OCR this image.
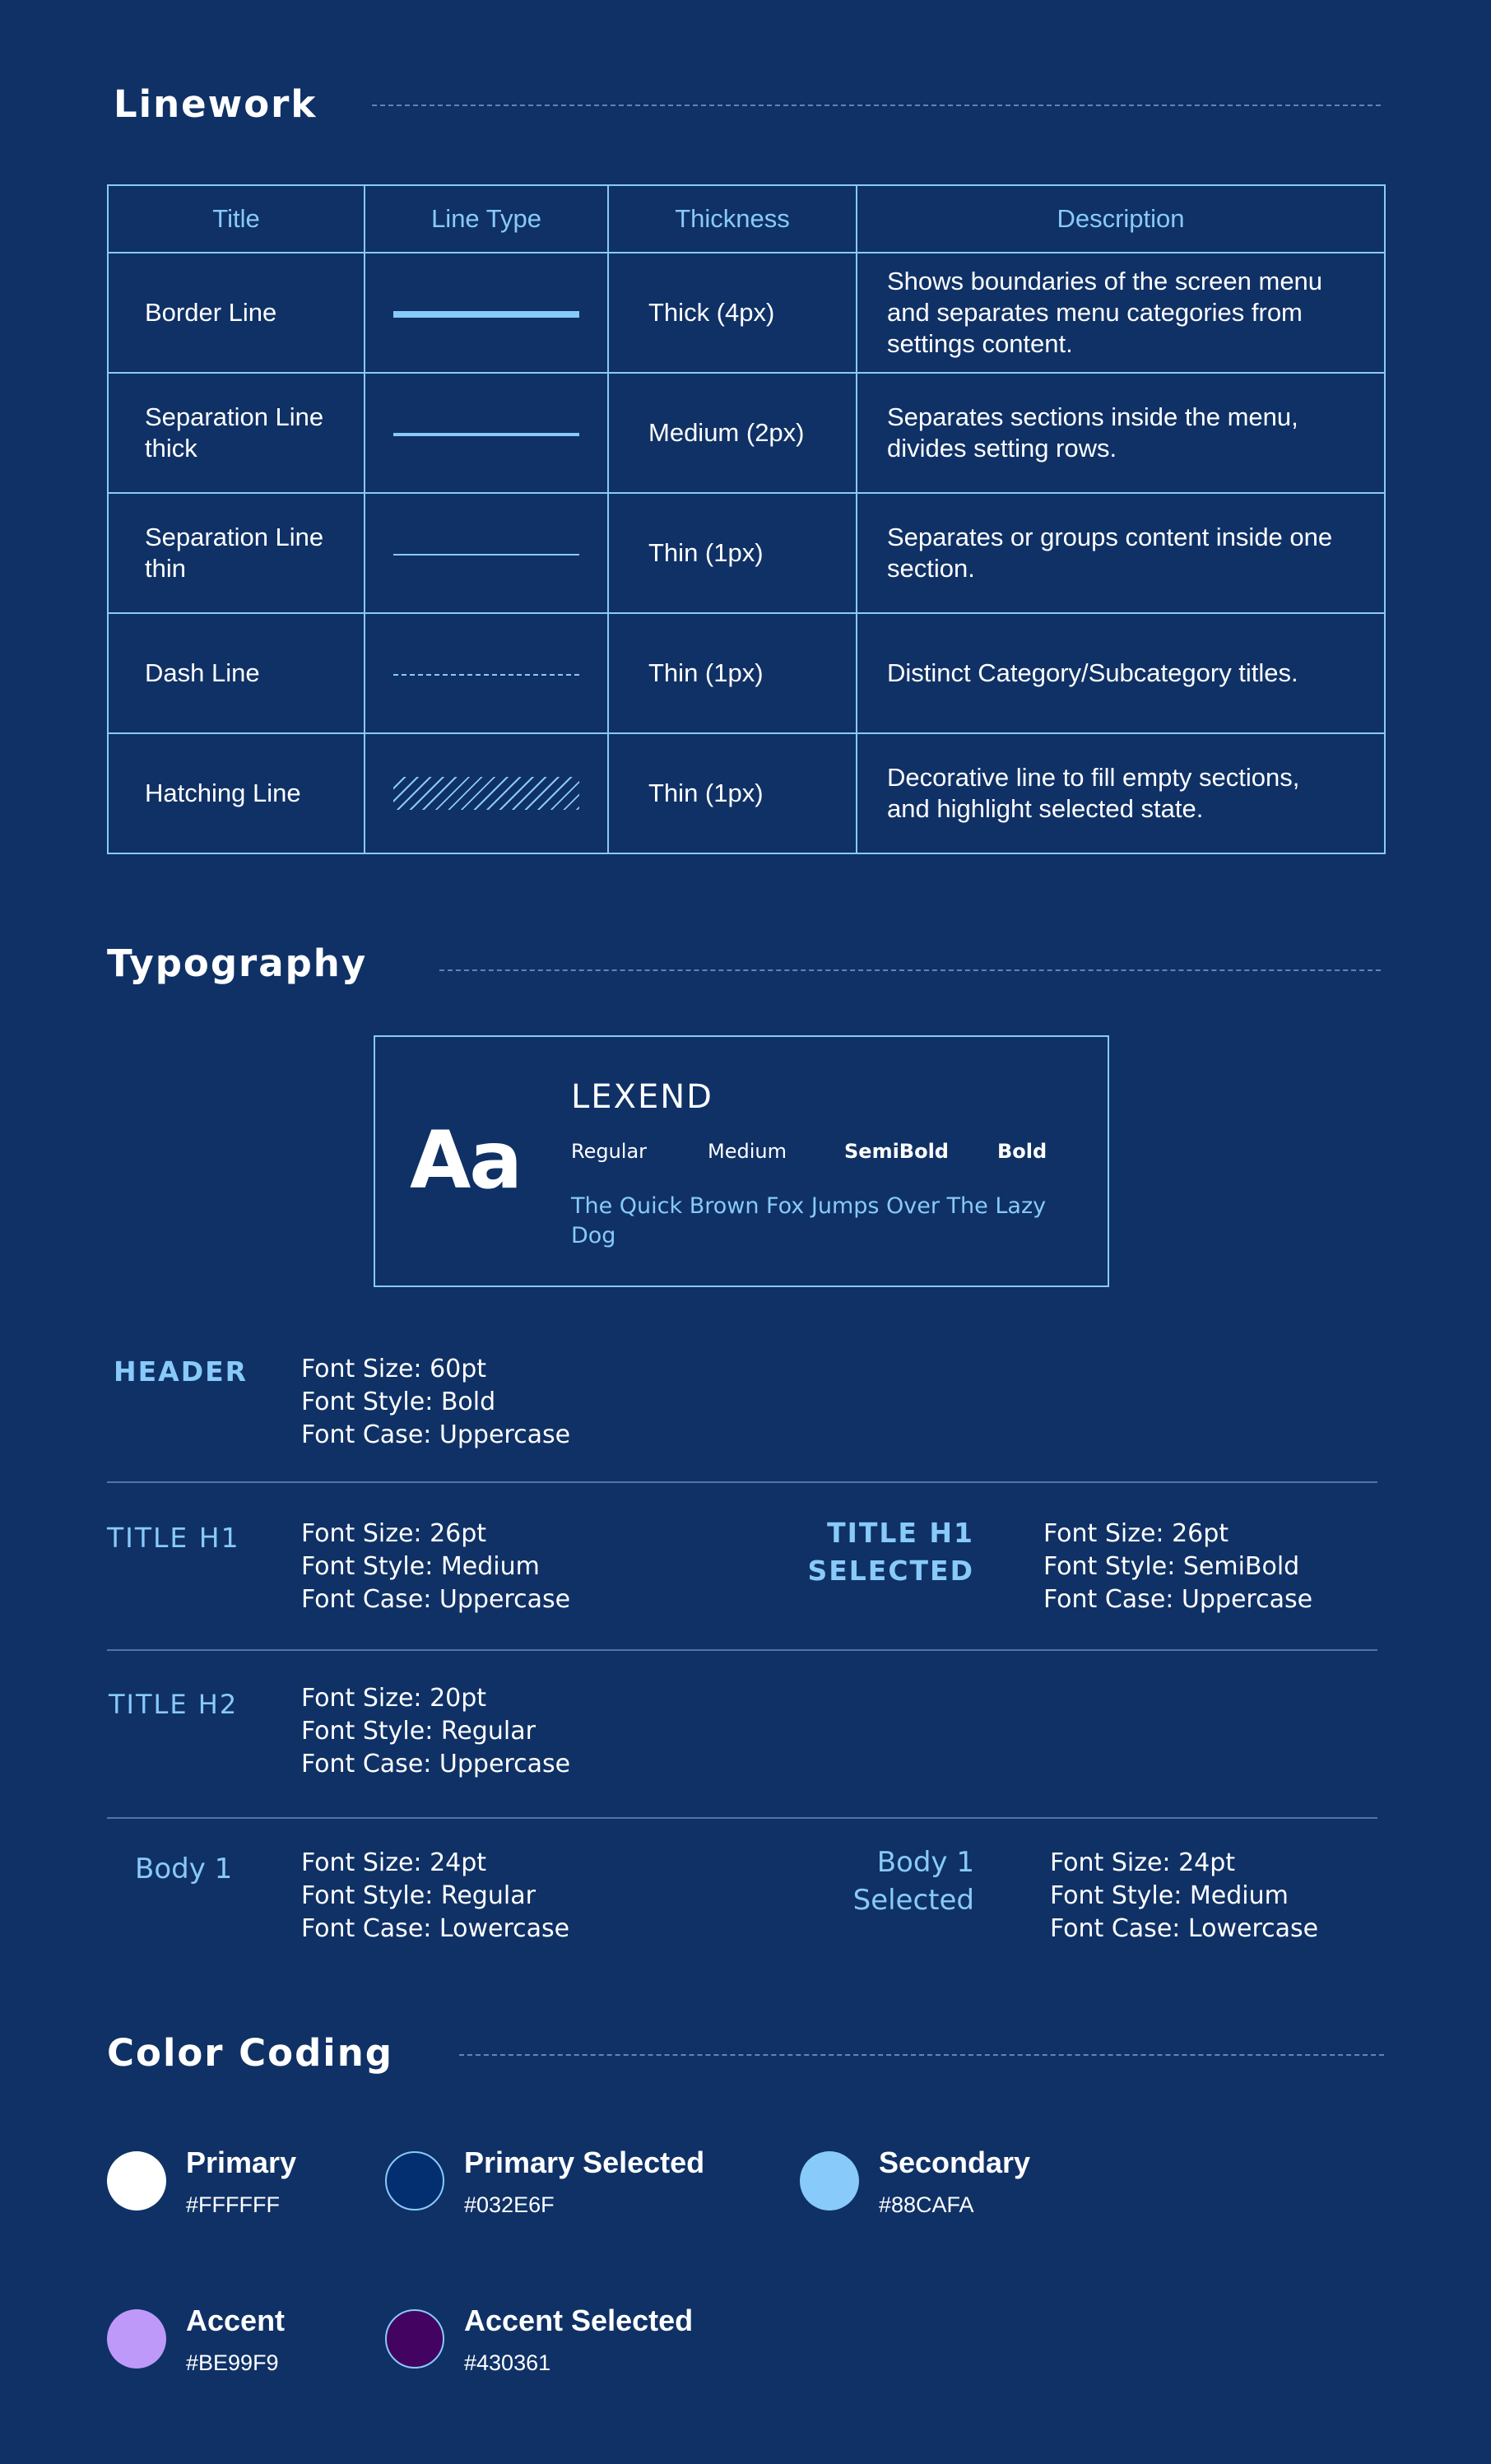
Linework
Title	Line Type	Thickness	Description
Border Line		Thick (4px)	Shows boundaries of the screen menu and separates menu categories from settings content.
Separation Line thick		Medium (2px)	Separates sections inside the menu, divides setting rows.
Separation Line thin		Thin (1px)	Separates or groups content inside one section.
Dash Line		Thin (1px)	Distinct Category/Subcategory titles.
Hatching Line		Thin (1px)	Decorative line to fill empty sections, and highlight selected state.
Typography
Aa
LEXEND
Regular	Medium	SemiBold Bold
The Quick Brown Fox Jumps Over The Lazy Dog
HEADER Font Size: 60pt
Font Style: Bold
Font Case: Uppercase
TITLE H1 Font Size: 26pt
Font Style: Medium
Font Case: Uppercase
TITLE H1
SELECTED
Font Size: 26pt
Font Style: SemiBold
Font Case: Uppercase
TITLE H2	Font Size: 20pt
Font Style: Regular
Font Case: Uppercase
Body 1	Font Size: 24pt
Font Style: Regular
Font Case: Lowercase
Body 1
Selected
Font Size: 24pt
Font Style: Medium
Font Case: Lowercase
Color Coding
Primary
#FFFFFF
Primary Selected
#032E6F
Secondary
#88CAFA
Accent
#BE99F9
Accent Selected
#430361
